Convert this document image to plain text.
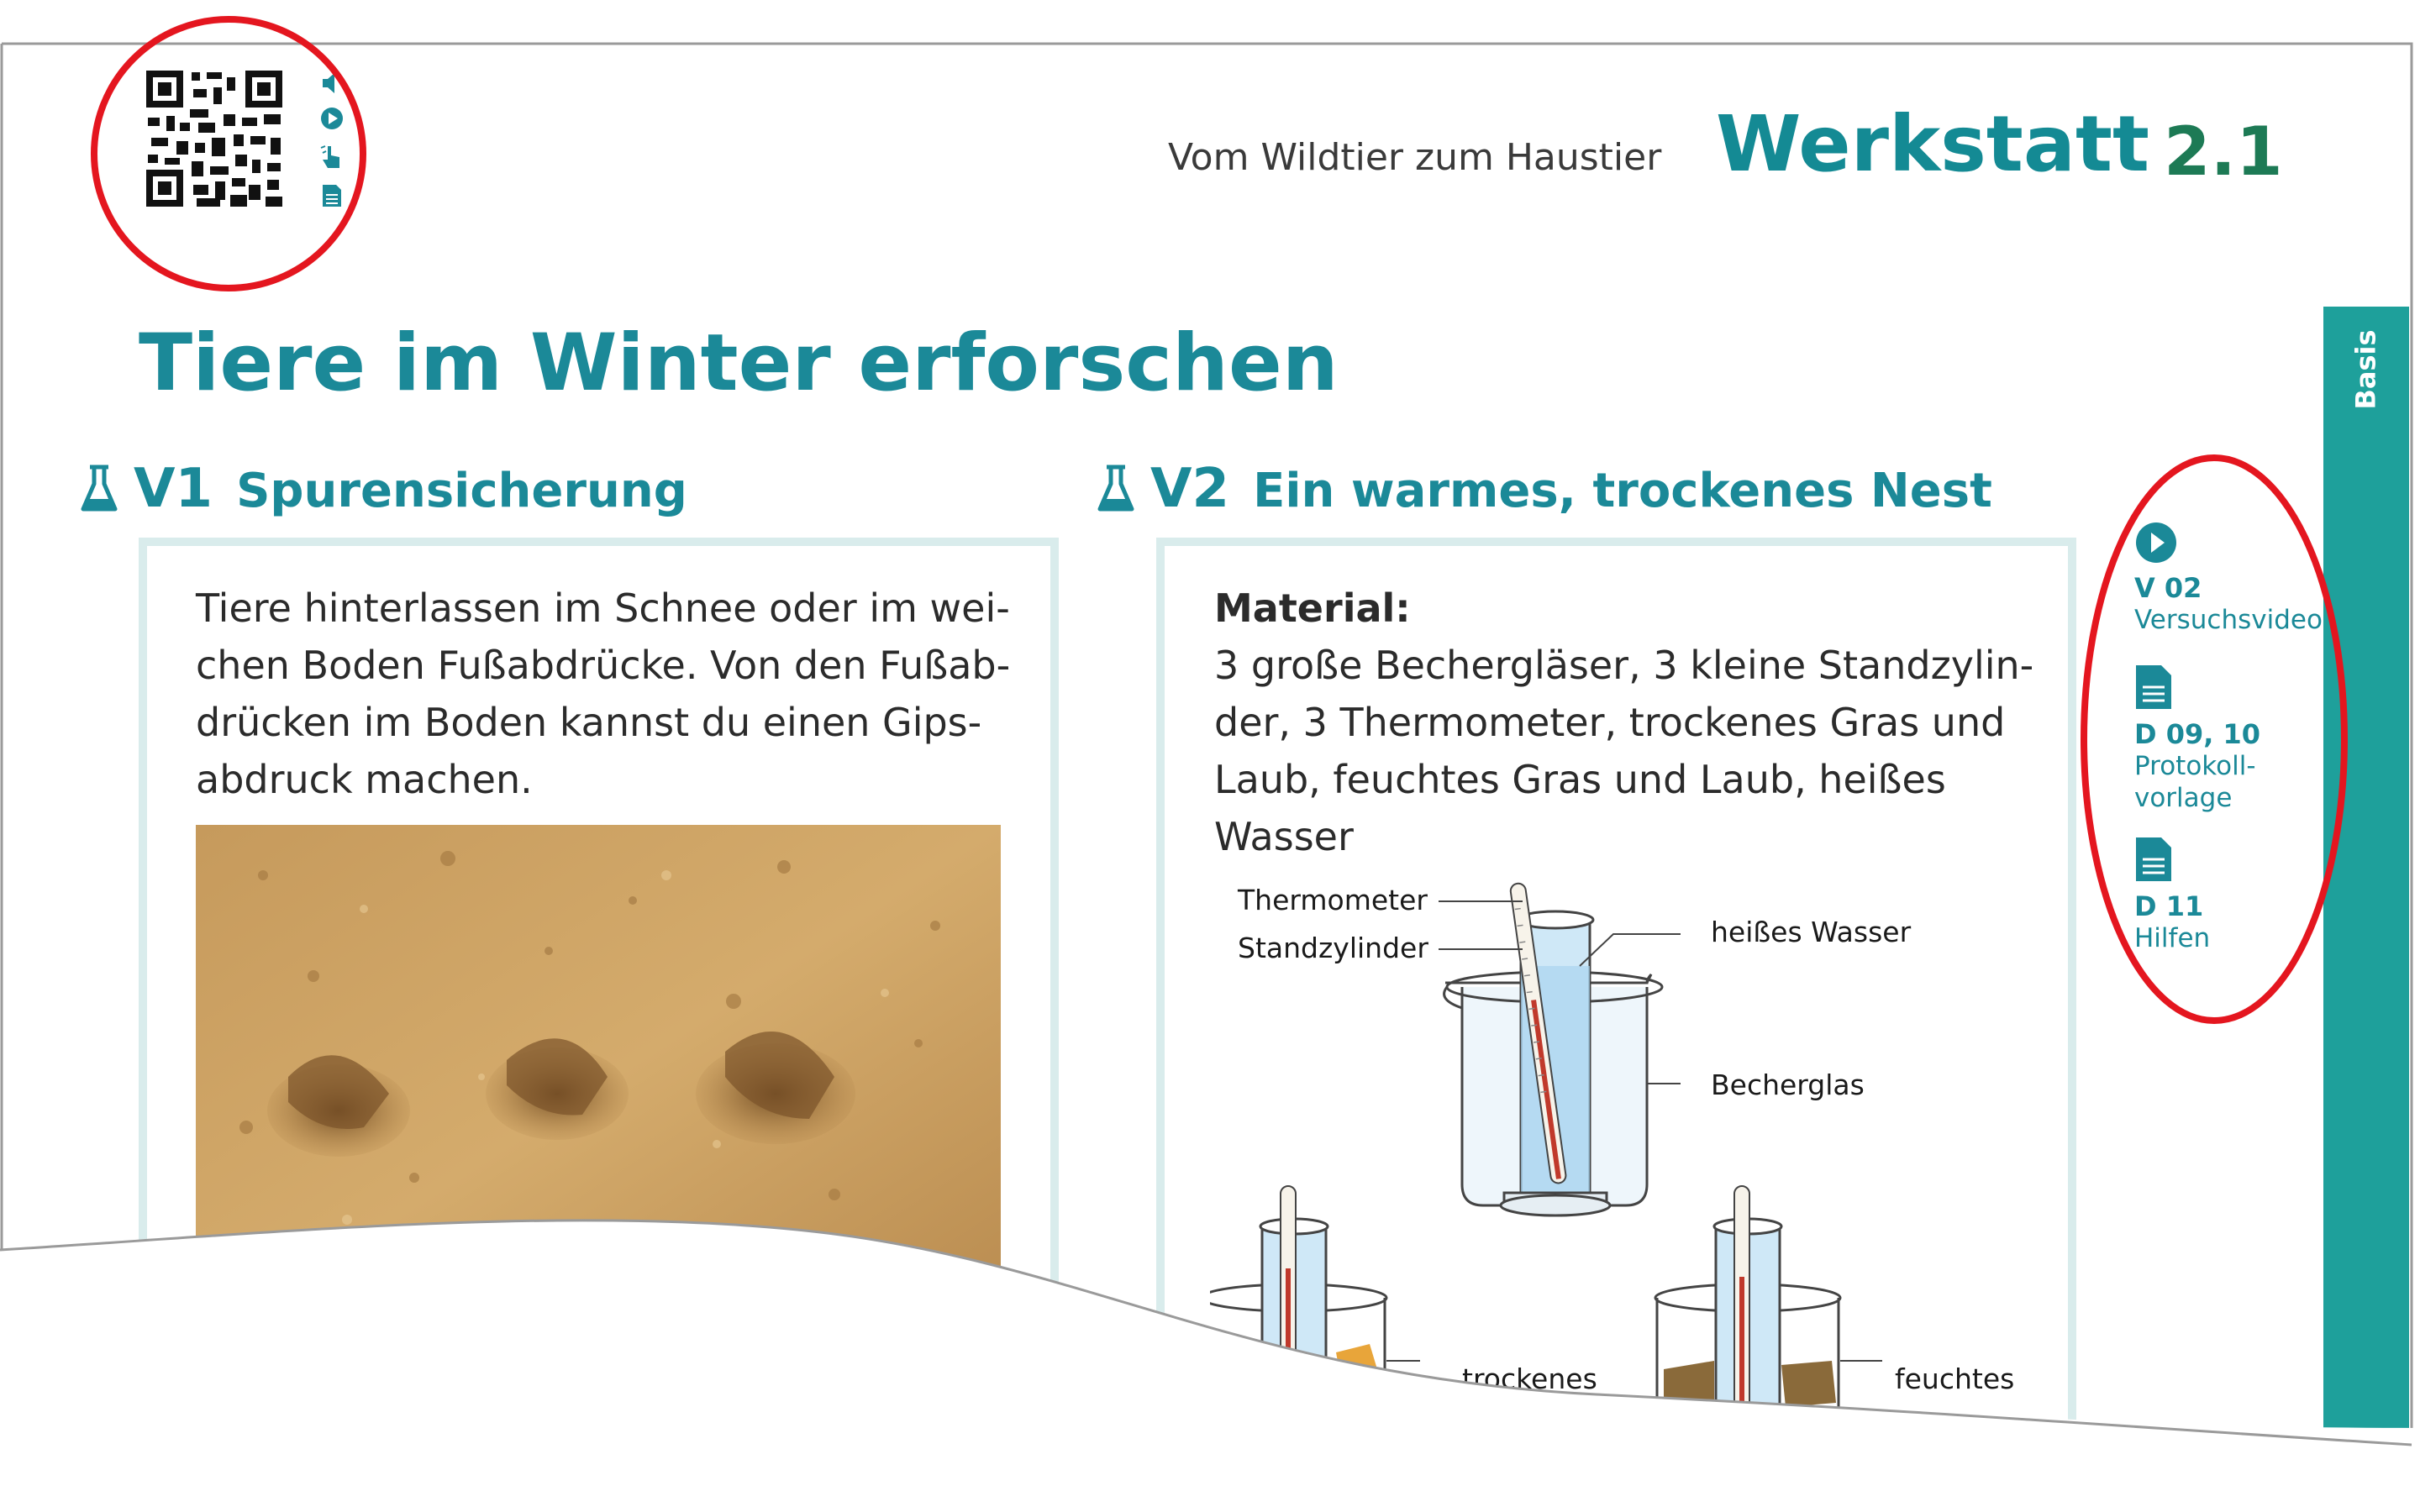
Vom Wildtier zum Haustier Werkstatt 2.1
Basis
Tiere im Winter erforschen
V1 Spurensicherung	V2 Ein warmes, trockenes Nest
Tiere hinterlassen im Schnee oder im wei-
chen Boden Fußabdrücke. Von den Fußab-
drücken im Boden kannst du einen Gips-
abdruck machen.
Material:
3 große Bechergläser, 3 kleine Standzylin-
der, 3 Thermometer, trockenes Gras und
Laub, feuchtes Gras und Laub, heißes
Wasser
Thermometer
Standzylinder	heißes Wasser
Becherglas
trockenes	feuchtes
V 02
Versuchsvideo
D 09, 10
Protokoll-
vorlage
D 11
Hilfen
